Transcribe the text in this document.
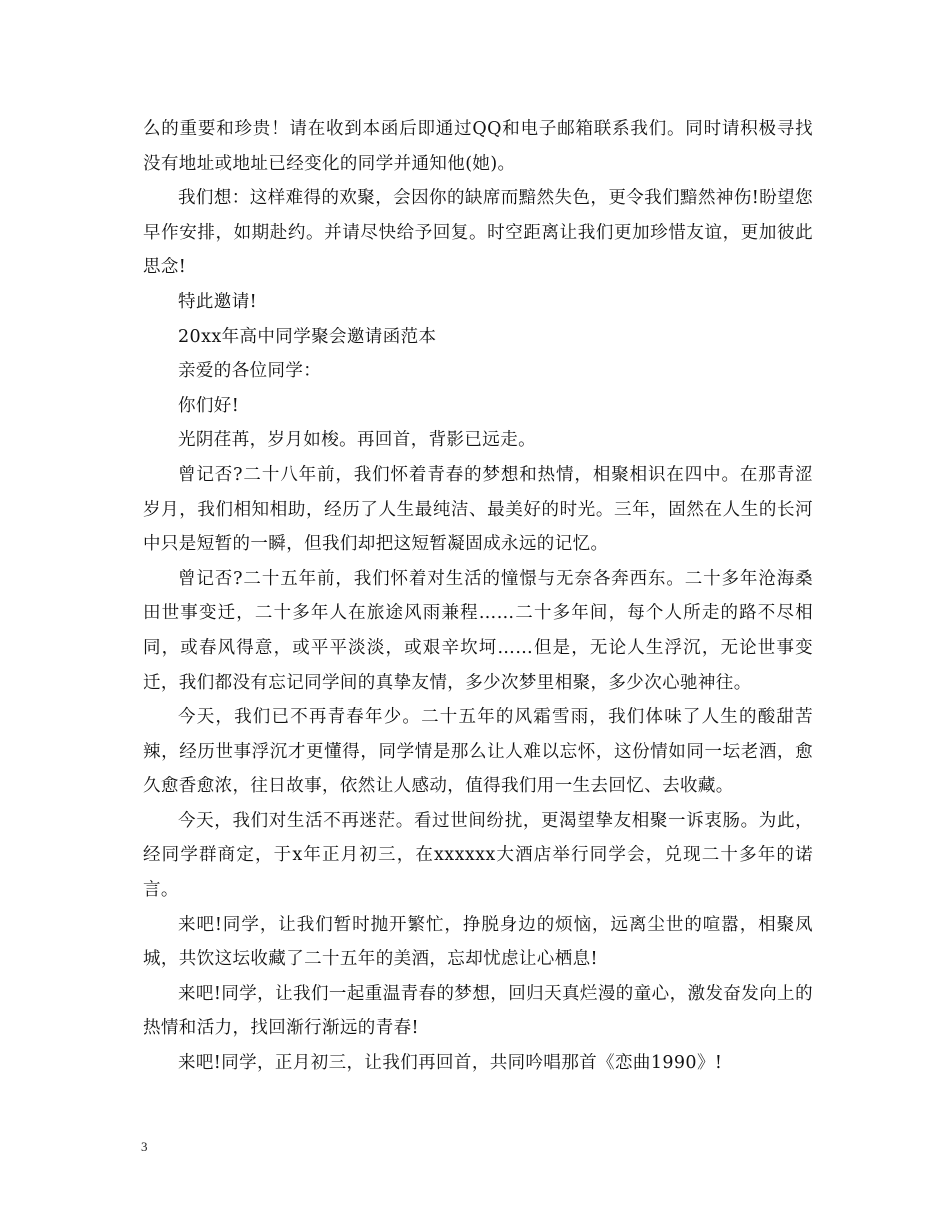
么的重要和珍贵！请在收到本函后即通过QQ和电子邮箱联系我们。同时请积极寻找没有地址或地址已经变化的同学并通知他(她)。

我们想：这样难得的欢聚，会因你的缺席而黯然失色，更令我们黯然神伤!盼望您早作安排，如期赴约。并请尽快给予回复。时空距离让我们更加珍惜友谊，更加彼此思念!

特此邀请!

20xx年高中同学聚会邀请函范本

亲爱的各位同学：

你们好!

光阴荏苒，岁月如梭。再回首，背影已远走。

曾记否?二十八年前，我们怀着青春的梦想和热情，相聚相识在四中。在那青涩岁月，我们相知相助，经历了人生最纯洁、最美好的时光。三年，固然在人生的长河中只是短暂的一瞬，但我们却把这短暂凝固成永远的记忆。

曾记否?二十五年前，我们怀着对生活的憧憬与无奈各奔西东。二十多年沧海桑田世事变迁，二十多年人在旅途风雨兼程……二十多年间，每个人所走的路不尽相同，或春风得意，或平平淡淡，或艰辛坎坷……但是，无论人生浮沉，无论世事变迁，我们都没有忘记同学间的真挚友情，多少次梦里相聚，多少次心驰神往。

今天，我们已不再青春年少。二十五年的风霜雪雨，我们体味了人生的酸甜苦辣，经历世事浮沉才更懂得，同学情是那么让人难以忘怀，这份情如同一坛老酒，愈久愈香愈浓，往日故事，依然让人感动，值得我们用一生去回忆、去收藏。

今天，我们对生活不再迷茫。看过世间纷扰，更渴望挚友相聚一诉衷肠。为此，经同学群商定，于x年正月初三，在xxxxxx大酒店举行同学会，兑现二十多年的诺言。

来吧!同学，让我们暂时抛开繁忙，挣脱身边的烦恼，远离尘世的喧嚣，相聚凤城，共饮这坛收藏了二十五年的美酒，忘却忧虑让心栖息!

来吧!同学，让我们一起重温青春的梦想，回归天真烂漫的童心，激发奋发向上的热情和活力，找回渐行渐远的青春!

来吧!同学，正月初三，让我们再回首，共同吟唱那首《恋曲1990》!

3
